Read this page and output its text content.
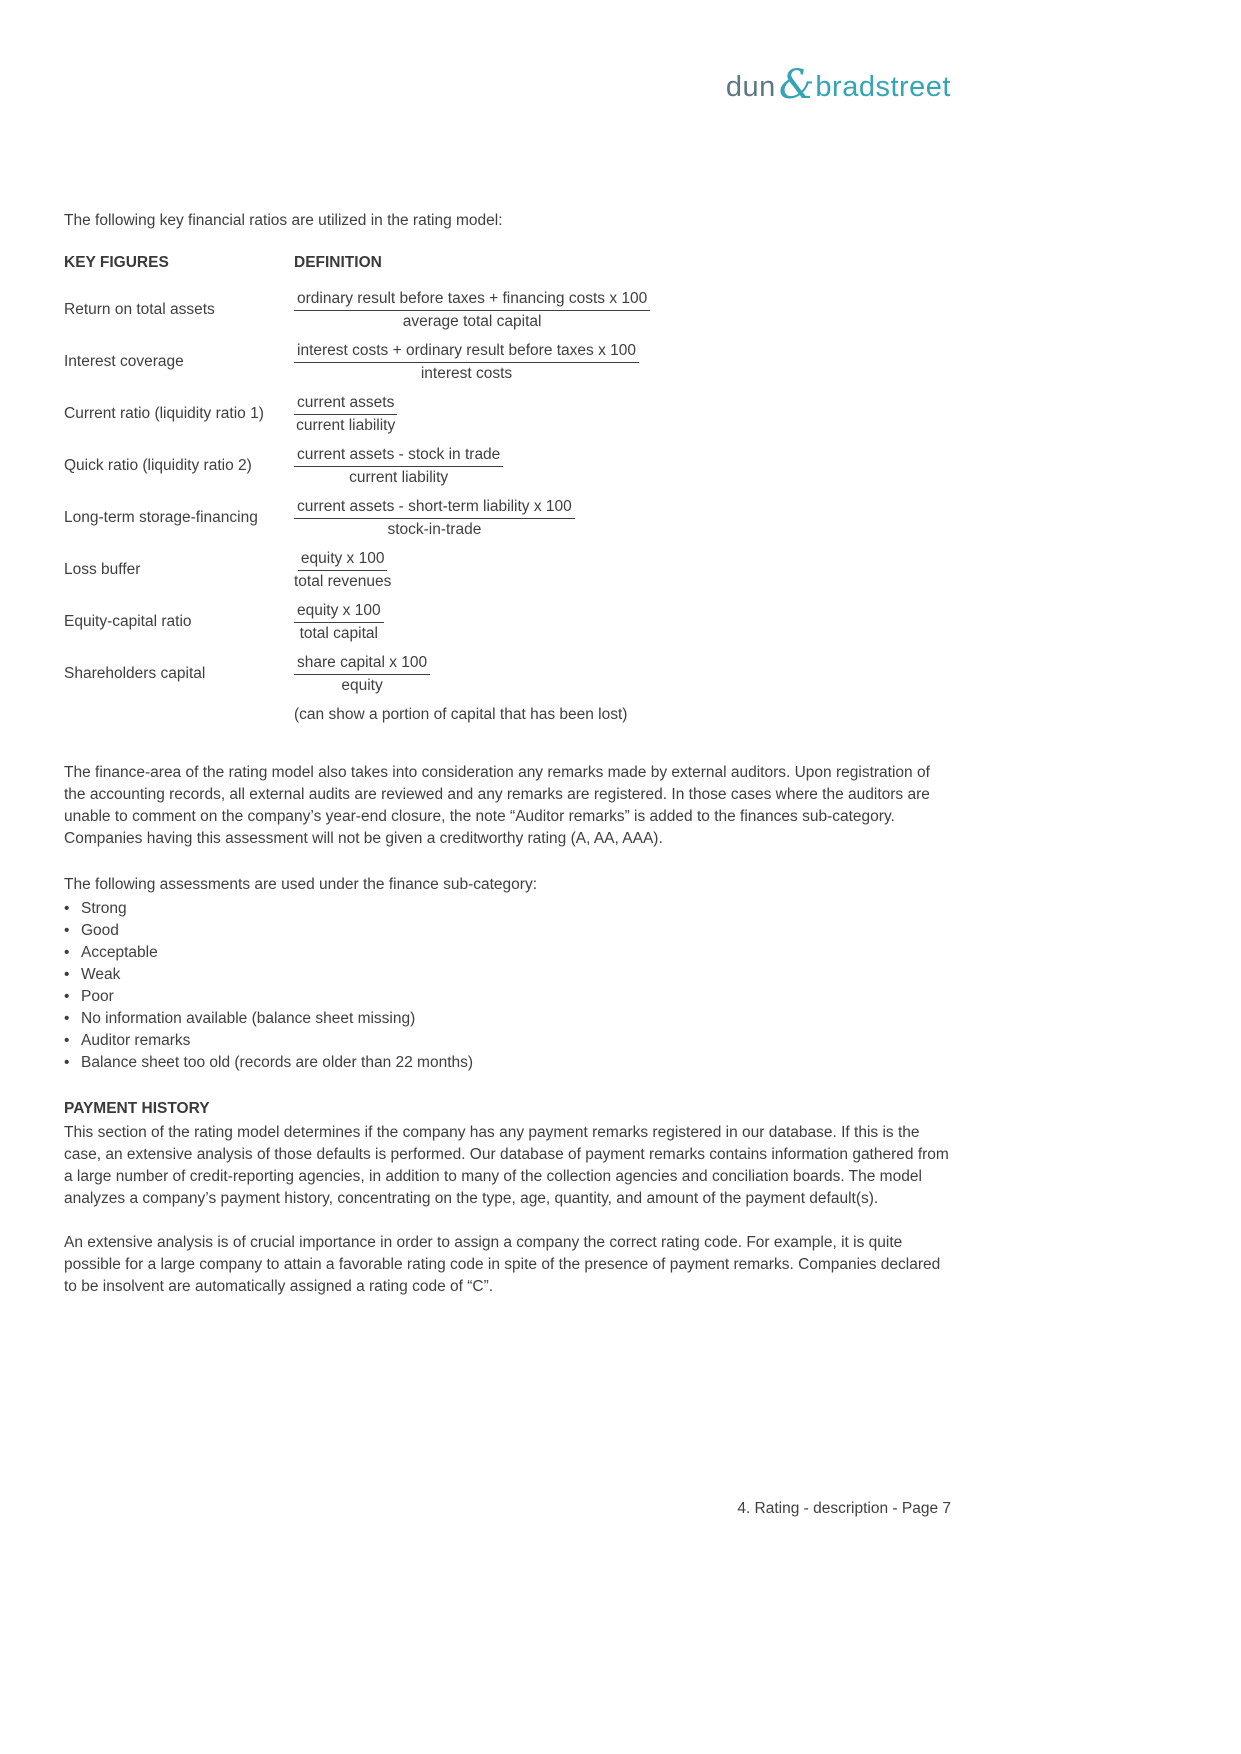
dun & bradstreet
The following key financial ratios are utilized in the rating model:
KEY FIGURES	DEFINITION
Return on total assets	$\frac{\text{ordinary result before taxes + financing costs x 100}}{\text{average total capital}}$
Interest coverage	$\frac{\text{interest costs + ordinary result before taxes x 100}}{\text{interest costs}}$
Current ratio (liquidity ratio 1)	$\frac{\text{current assets}}{\text{current liability}}$
Quick ratio (liquidity ratio 2)	$\frac{\text{current assets - stock in trade}}{\text{current liability}}$
Long-term storage-financing	$\frac{\text{current assets - short-term liability x 100}}{\text{stock-in-trade}}$
Loss buffer	$\frac{\text{equity x 100}}{\text{total revenues}}$
Equity-capital ratio	$\frac{\text{equity x 100}}{\text{total capital}}$
Shareholders capital	$\frac{\text{share capital x 100}}{\text{equity}}$
(can show a portion of capital that has been lost)
The finance-area of the rating model also takes into consideration any remarks made by external auditors. Upon registration of the accounting records, all external audits are reviewed and any remarks are registered. In those cases where the auditors are unable to comment on the company’s year-end closure, the note “Auditor remarks” is added to the finances sub-category. Companies having this assessment will not be given a creditworthy rating (A, AA, AAA).
The following assessments are used under the finance sub-category:
• Strong
• Good
• Acceptable
• Weak
• Poor
• No information available (balance sheet missing)
• Auditor remarks
• Balance sheet too old (records are older than 22 months)
PAYMENT HISTORY
This section of the rating model determines if the company has any payment remarks registered in our database. If this is the case, an extensive analysis of those defaults is performed. Our database of payment remarks contains information gathered from a large number of credit-reporting agencies, in addition to many of the collection agencies and conciliation boards. The model analyzes a company’s payment history, concentrating on the type, age, quantity, and amount of the payment default(s).
An extensive analysis is of crucial importance in order to assign a company the correct rating code. For example, it is quite possible for a large company to attain a favorable rating code in spite of the presence of payment remarks. Companies declared to be insolvent are automatically assigned a rating code of “C”.
4. Rating - description - Page 7
